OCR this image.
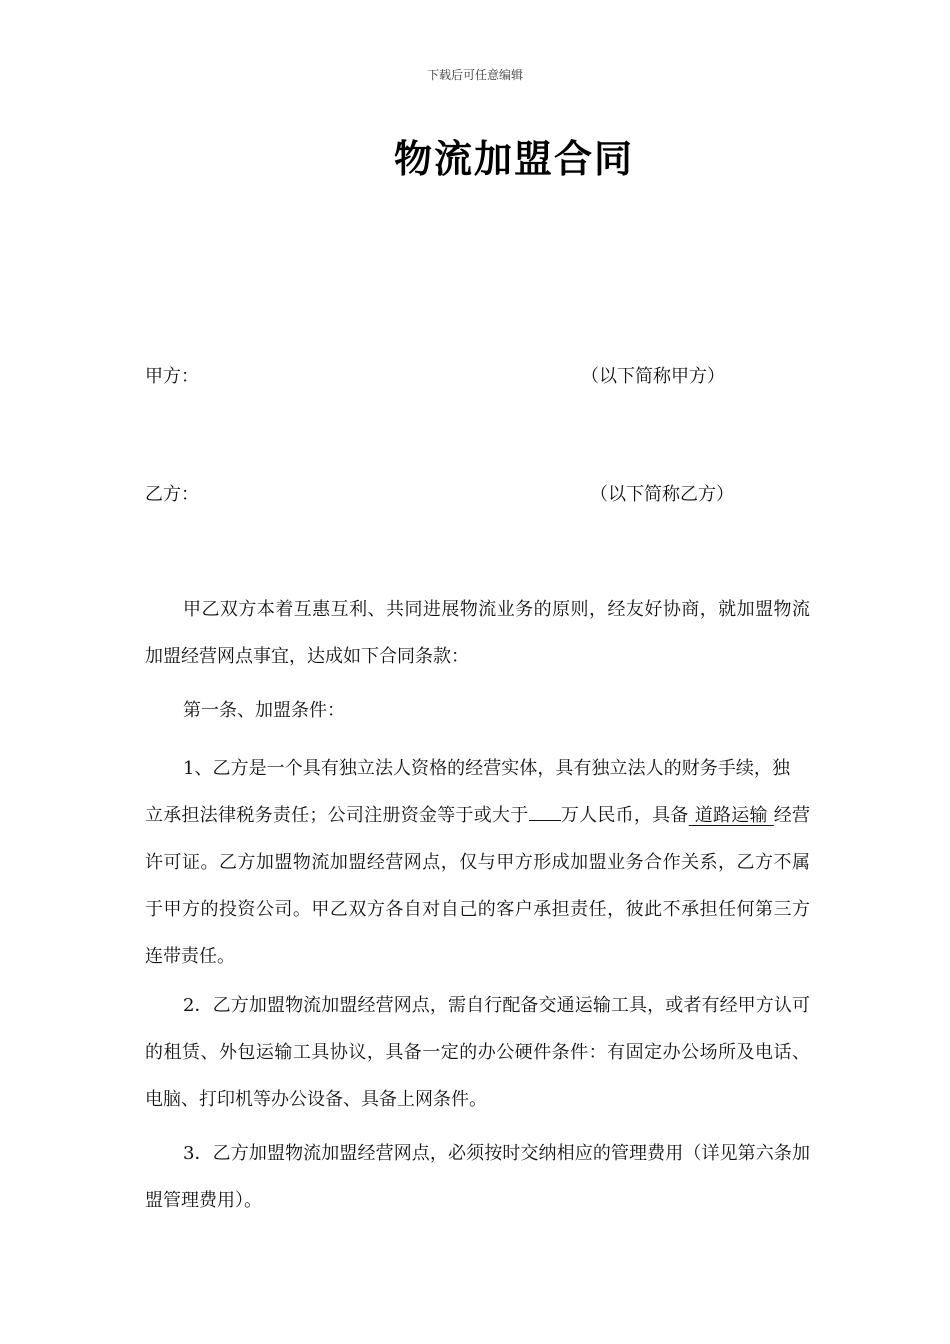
下载后可任意编辑
物流加盟合同
甲方：	（以下简称甲方）
乙方：	（以下简称乙方）
甲乙双方本着互惠互利、共同进展物流业务的原则，经友好协商，就加盟物流加盟经营网点事宜，达成如下合同条款：
第一条、加盟条件：
1、乙方是一个具有独立法人资格的经营实体，具有独立法人的财务手续，独立承担法律税务责任；公司注册资金等于或大于 万人民币，具备 道路运输 经营许可证。乙方加盟物流加盟经营网点，仅与甲方形成加盟业务合作关系，乙方不属于甲方的投资公司。甲乙双方各自对自己的客户承担责任，彼此不承担任何第三方连带责任。
2．乙方加盟物流加盟经营网点，需自行配备交通运输工具，或者有经甲方认可的租赁、外包运输工具协议，具备一定的办公硬件条件：有固定办公场所及电话、电脑、打印机等办公设备、具备上网条件。
3．乙方加盟物流加盟经营网点，必须按时交纳相应的管理费用（详见第六条加盟管理费用）。
